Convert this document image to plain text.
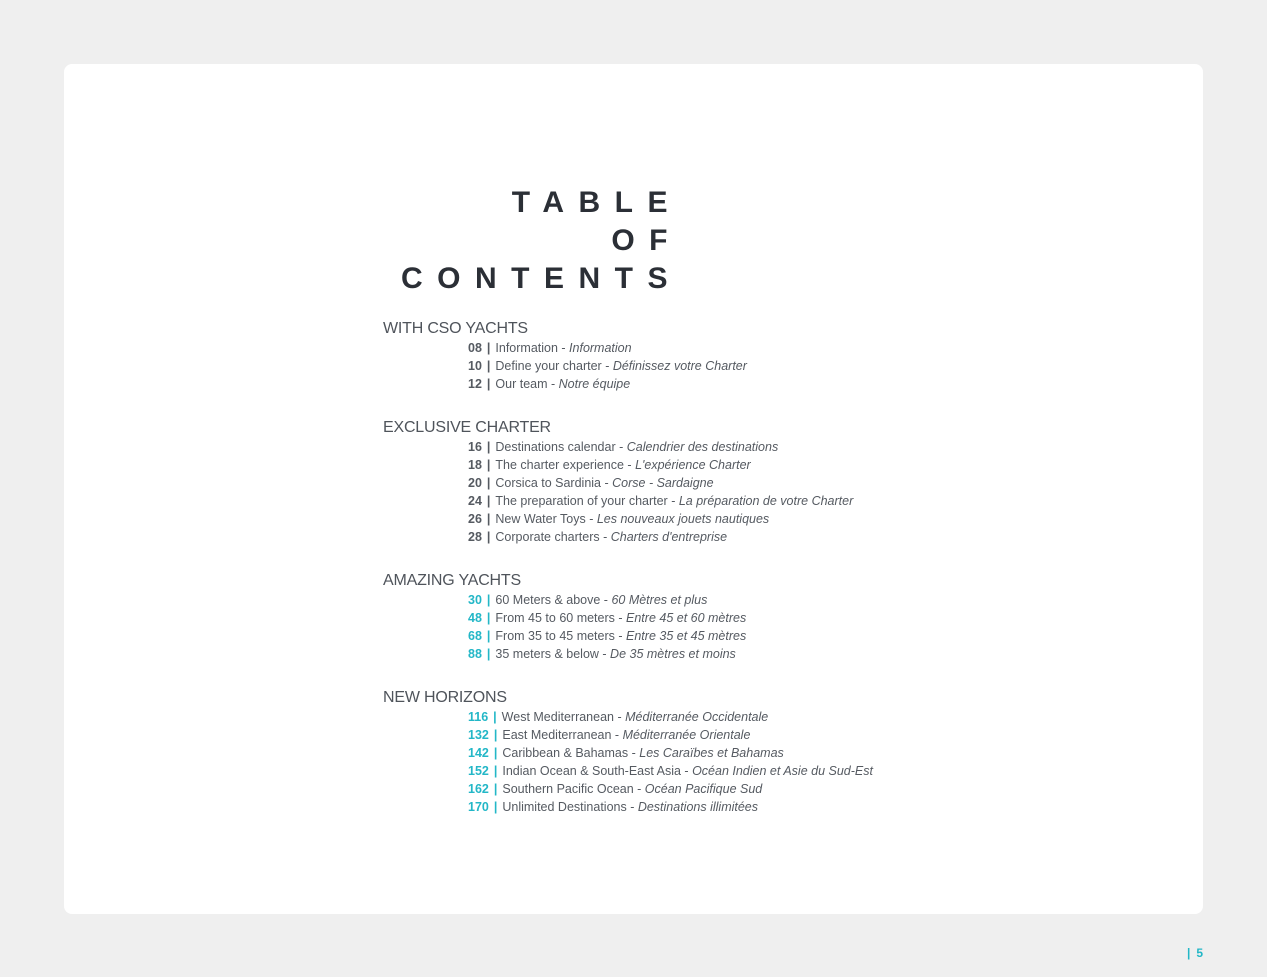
TABLE
OF
CONTENTS
WITH CSO YACHTS
08 | Information - Information
10 | Define your charter - Définissez votre Charter
12 | Our team - Notre équipe
EXCLUSIVE CHARTER
16 | Destinations calendar - Calendrier des destinations
18 | The charter experience - L'expérience Charter
20 | Corsica to Sardinia - Corse - Sardaigne
24 | The preparation of your charter - La préparation de votre Charter
26 | New Water Toys - Les nouveaux jouets nautiques
28 | Corporate charters - Charters d'entreprise
AMAZING YACHTS
30 | 60 Meters & above - 60 Mètres et plus
48 | From 45 to 60 meters - Entre 45 et 60 mètres
68 | From 35 to 45 meters - Entre 35 et 45 mètres
88 | 35 meters & below - De 35 mètres et moins
NEW HORIZONS
116 | West Mediterranean - Méditerranée Occidentale
132 | East Mediterranean - Méditerranée Orientale
142 | Caribbean & Bahamas - Les Caraïbes et Bahamas
152 | Indian Ocean & South-East Asia - Océan Indien et Asie du Sud-Est
162 | Southern Pacific Ocean - Océan Pacifique Sud
170 | Unlimited Destinations - Destinations illimitées
| 5
